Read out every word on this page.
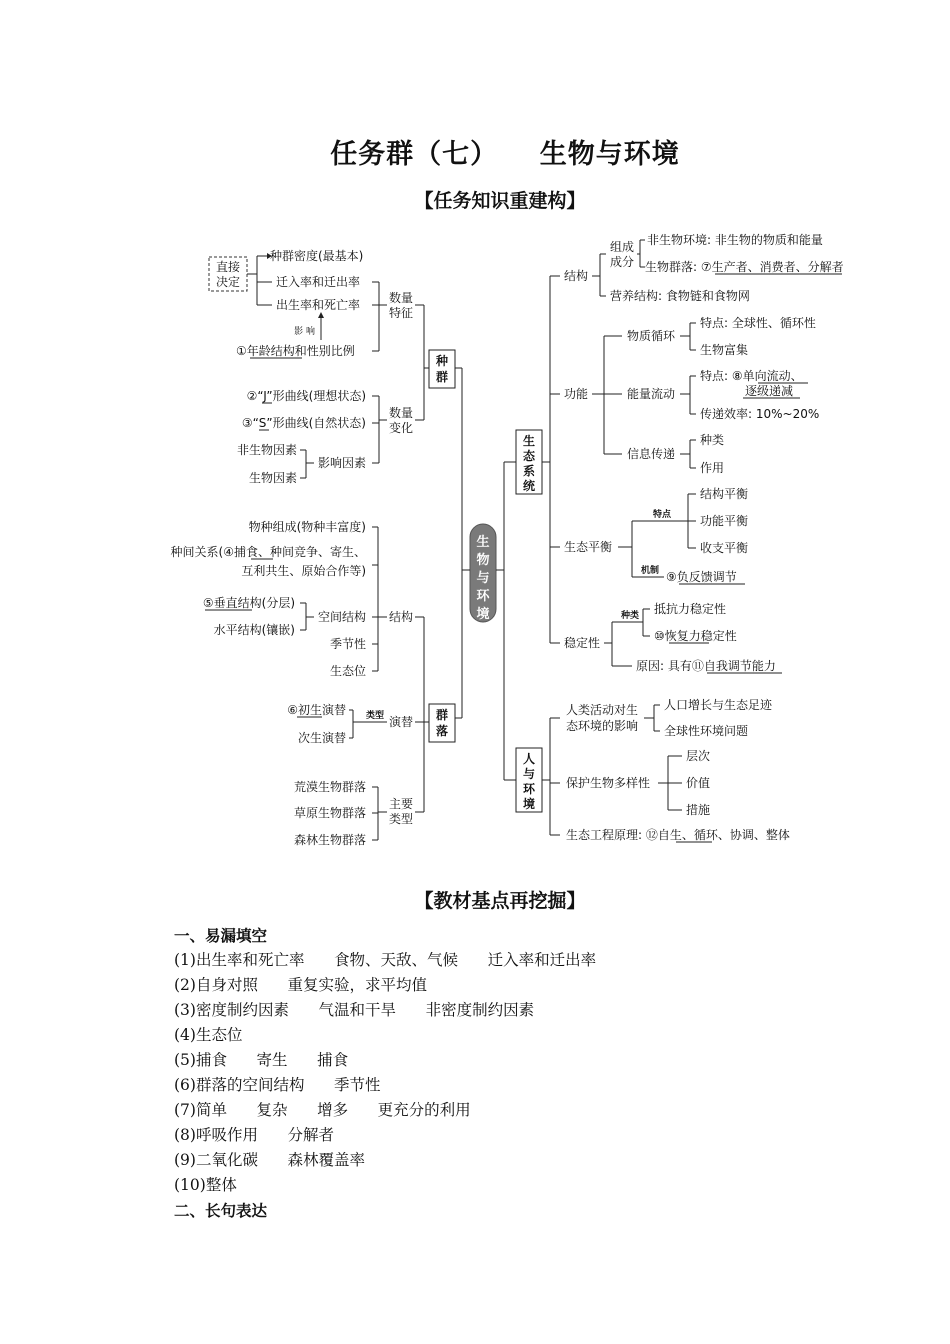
任务群（七）    生物与环境
【任务知识重建构】
生
物
与
环
境
种
群
数量
特征
直接
决定
种群密度(最基本)
迁入率和迁出率
出生率和死亡率
影 响
①年龄结构和性别比例
数量
变化
②“J”形曲线(理想状态)
③“S”形曲线(自然状态)
影响因素
非生物因素
生物因素
群
落
结构
物种组成(物种丰富度)
种间关系(④捕食、种间竞争、寄生、
互利共生、原始合作等)
空间结构
⑤垂直结构(分层)
水平结构(镶嵌)
季节性
生态位
演替
类型
⑥初生演替
次生演替
主要
类型
荒漠生物群落
草原生物群落
森林生物群落
生
态
系
统
结构
组成
成分
非生物环境: 非生物的物质和能量
生物群落: ⑦生产者、消费者、分解者
营养结构: 食物链和食物网
功能
物质循环
特点: 全球性、循环性
生物富集
能量流动
特点: ⑧单向流动、
逐级递减
传递效率: 10%~20%
信息传递
种类
作用
生态平衡
特点
结构平衡
功能平衡
收支平衡
机制 ⑨负反馈调节
稳定性
种类 抵抗力稳定性
⑩恢复力稳定性
原因: 具有⑪自我调节能力
人
与
环
境
人类活动对生
态环境的影响
人口增长与生态足迹
全球性环境问题
保护生物多样性
层次
价值
措施
生态工程原理: ⑫自生、循环、协调、整体
【教材基点再挖掘】
一、易漏填空
(1)出生率和死亡率      食物、天敌、气候      迁入率和迁出率
(2)自身对照      重复实验，求平均值
(3)密度制约因素      气温和干旱      非密度制约因素
(4)生态位
(5)捕食      寄生      捕食
(6)群落的空间结构      季节性
(7)简单      复杂      增多      更充分的利用
(8)呼吸作用      分解者
(9)二氧化碳      森林覆盖率
(10)整体
二、长句表达
